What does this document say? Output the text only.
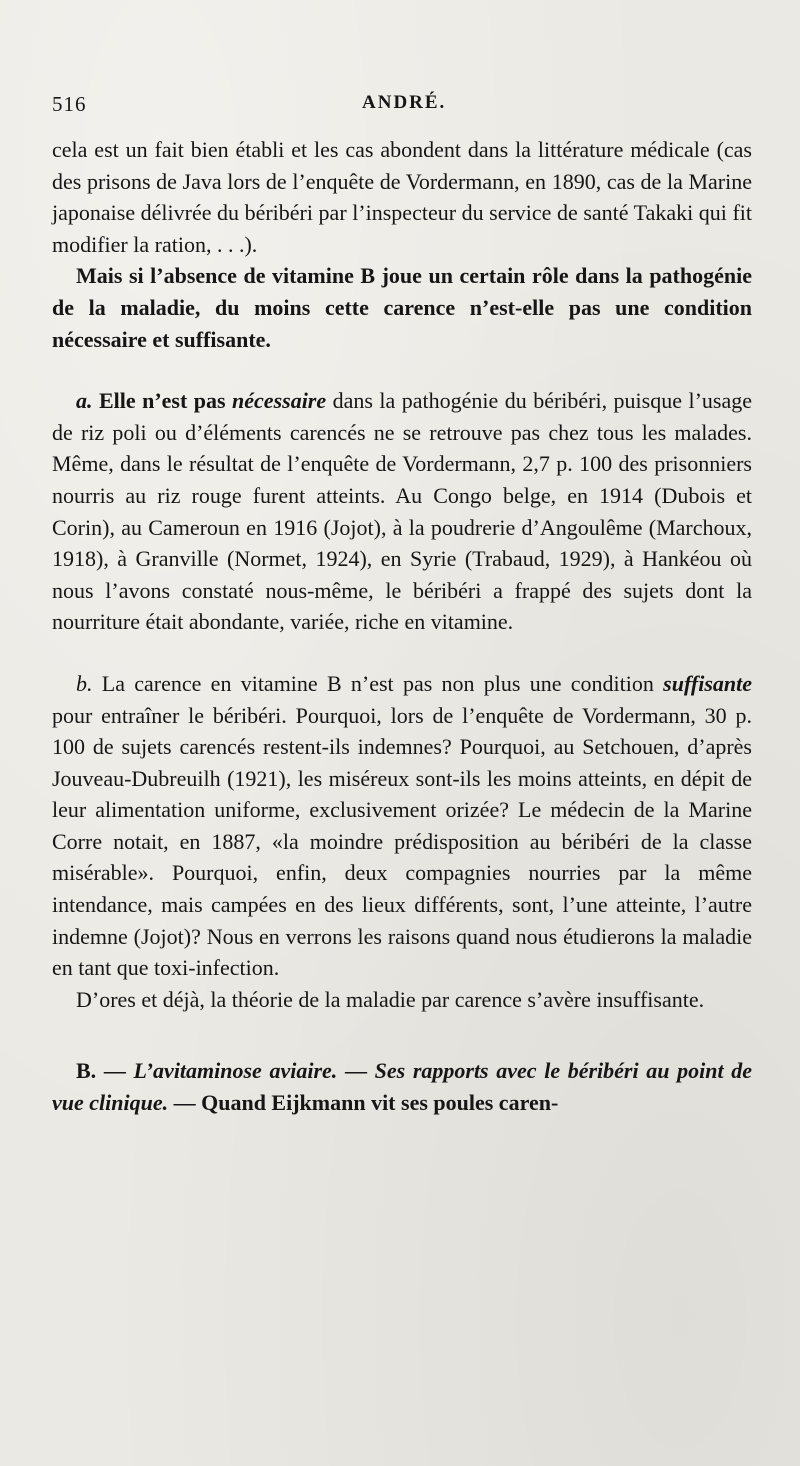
516	ANDRÉ.

cela est un fait bien établi et les cas abondent dans la littérature médicale (cas des prisons de Java lors de l’enquête de Vordermann, en 1890, cas de la Marine japonaise délivrée du béribéri par l’inspecteur du service de santé Takaki qui fit modifier la ration, . . .).

Mais si l’absence de vitamine B joue un certain rôle dans la pathogénie de la maladie, du moins cette carence n’est-elle pas une condition nécessaire et suffisante.

a. Elle n’est pas nécessaire dans la pathogénie du béribéri, puisque l’usage de riz poli ou d’éléments carencés ne se retrouve pas chez tous les malades. Même, dans le résultat de l’enquête de Vordermann, 2,7 p. 100 des prisonniers nourris au riz rouge furent atteints. Au Congo belge, en 1914 (Dubois et Corin), au Cameroun en 1916 (Jojot), à la poudrerie d’Angoulême (Marchoux, 1918), à Granville (Normet, 1924), en Syrie (Trabaud, 1929), à Hankéou où nous l’avons constaté nous-même, le béribéri a frappé des sujets dont la nourriture était abondante, variée, riche en vitamine.

b. La carence en vitamine B n’est pas non plus une condition suffisante pour entraîner le béribéri. Pourquoi, lors de l’enquête de Vordermann, 30 p. 100 de sujets carencés restent-ils indemnes? Pourquoi, au Setchouen, d’après Jouveau-Dubreuilh (1921), les miséreux sont-ils les moins atteints, en dépit de leur alimentation uniforme, exclusivement orizée? Le médecin de la Marine Corre notait, en 1887, «la moindre prédisposition au béribéri de la classe misérable». Pourquoi, enfin, deux compagnies nourries par la même intendance, mais campées en des lieux différents, sont, l’une atteinte, l’autre indemne (Jojot)? Nous en verrons les raisons quand nous étudierons la maladie en tant que toxi-infection.

D’ores et déjà, la théorie de la maladie par carence s’avère insuffisante.

B. — L’avitaminose aviaire. — Ses rapports avec le béribéri au point de vue clinique. — Quand Eijkmann vit ses poules caren-
